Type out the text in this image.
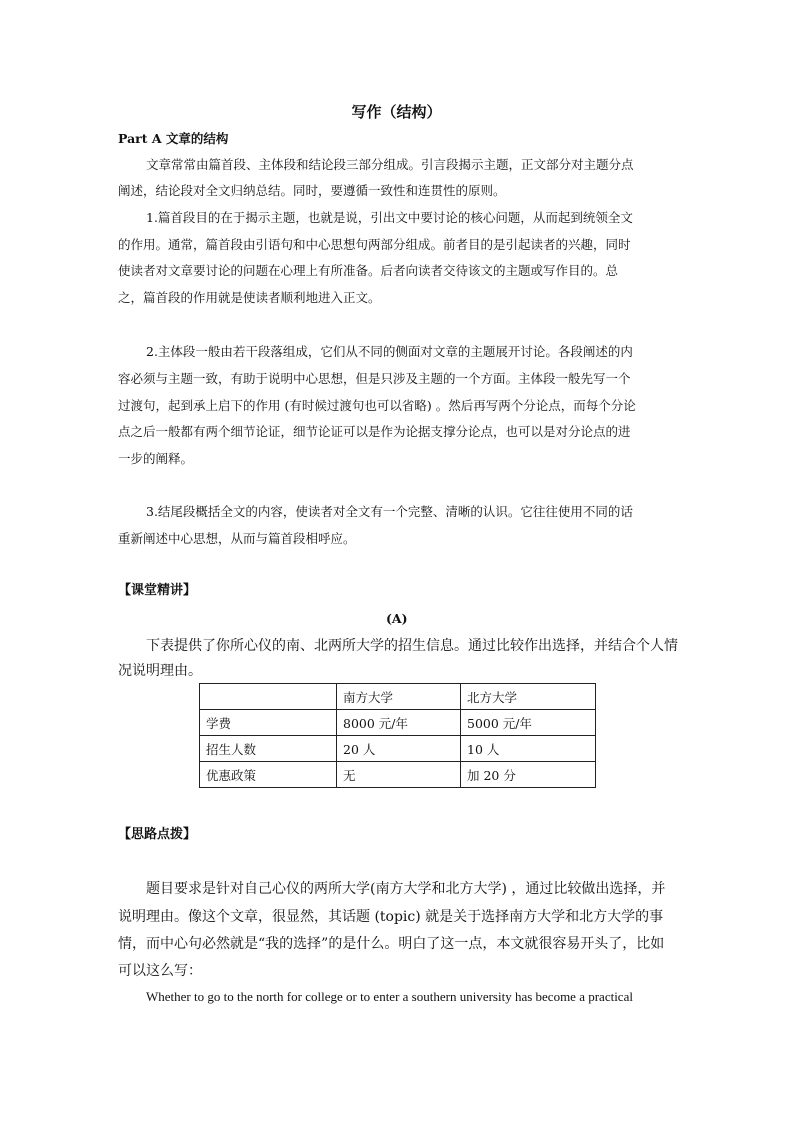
写作（结构）
Part A 文章的结构
文章常常由篇首段、主体段和结论段三部分组成。引言段揭示主题，正文部分对主题分点
阐述，结论段对全文归纳总结。同时，要遵循一致性和连贯性的原则。
1.篇首段目的在于揭示主题，也就是说，引出文中要讨论的核心问题，从而起到统领全文
的作用。通常，篇首段由引语句和中心思想句两部分组成。前者目的是引起读者的兴趣，同时
使读者对文章要讨论的问题在心理上有所准备。后者向读者交待该文的主题或写作目的。总
之，篇首段的作用就是使读者顺利地进入正文。
2.主体段一般由若干段落组成，它们从不同的侧面对文章的主题展开讨论。各段阐述的内
容必须与主题一致，有助于说明中心思想，但是只涉及主题的一个方面。主体段一般先写一个
过渡句，起到承上启下的作用 (有时候过渡句也可以省略) 。然后再写两个分论点，而每个分论
点之后一般都有两个细节论证，细节论证可以是作为论据支撑分论点，也可以是对分论点的进
一步的阐释。
3.结尾段概括全文的内容，使读者对全文有一个完整、清晰的认识。它往往使用不同的话
重新阐述中心思想，从而与篇首段相呼应。
【课堂精讲】
(A)
下表提供了你所心仪的南、北两所大学的招生信息。通过比较作出选择，并结合个人情
况说明理由。
	南方大学	北方大学
学费	8000 元/年	5000 元/年
招生人数	20 人	10 人
优惠政策	无	加 20 分
【思路点拨】
题目要求是针对自己心仪的两所大学(南方大学和北方大学) ，通过比较做出选择，并
说明理由。像这个文章，很显然，其话题 (topic) 就是关于选择南方大学和北方大学的事
情，而中心句必然就是“我的选择”的是什么。明白了这一点，本文就很容易开头了，比如
可以这么写：
Whether to go to the north for college or to enter a southern university has become a practical
